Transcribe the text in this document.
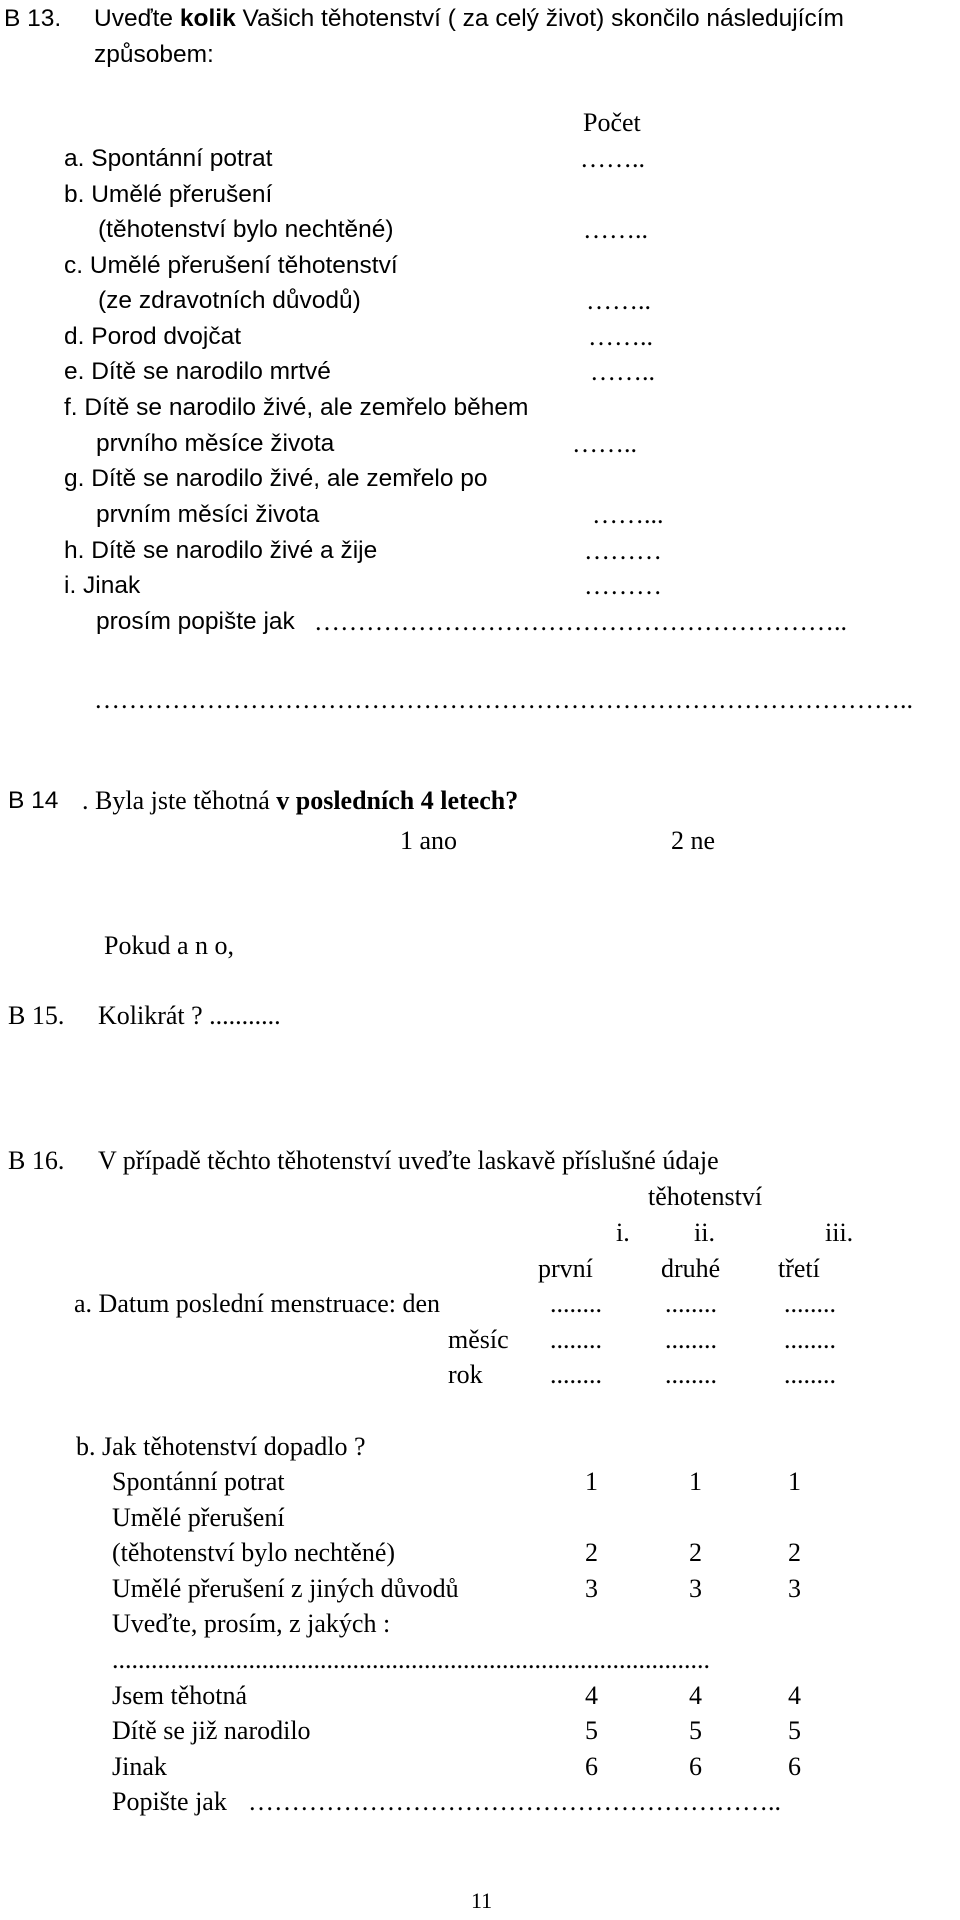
B 13. Uveďte kolik Vašich těhotenství ( za celý život) skončilo následujícím
způsobem:
Počet
a. Spontánní potrat	……..
b. Umělé přerušení
(těhotenství bylo nechtěné)	……..
c. Umělé přerušení těhotenství
(ze zdravotních důvodů)	……..
d. Porod dvojčat	……..
e. Dítě se narodilo mrtvé	……..
f. Dítě se narodilo živé, ale zemřelo během
prvního měsíce života	……..
g. Dítě se narodilo živé, ale zemřelo po
prvním měsíci života	……...
h. Dítě se narodilo živé a žije	………
i. Jinak	………
prosím popište jak ……………………………………………………..
…………………………………………………………………………………..
B 14 . Byla jste těhotná v posledních 4 letech?
1 ano	2 ne
Pokud a n o,
B 15. Kolikrát ? ...........
B 16. V případě těchto těhotenství uveďte laskavě příslušné údaje
těhotenství
i. ii.	iii.
první	druhé třetí
a. Datum poslední menstruace: den	........ ........	........
měsíc ........ ........	........
rok	........ ........	........
b. Jak těhotenství dopadlo ?
Spontánní potrat	1	1	1
Umělé přerušení
(těhotenství bylo nechtěné)	2	2	2
Umělé přerušení z jiných důvodů	3	3	3
Uveďte, prosím, z jakých :
............................................................................................
Jsem těhotná	4	4	4
Dítě se již narodilo	5	5	5
Jinak	6	6	6
Popište jak ……………………………………………………..
11
